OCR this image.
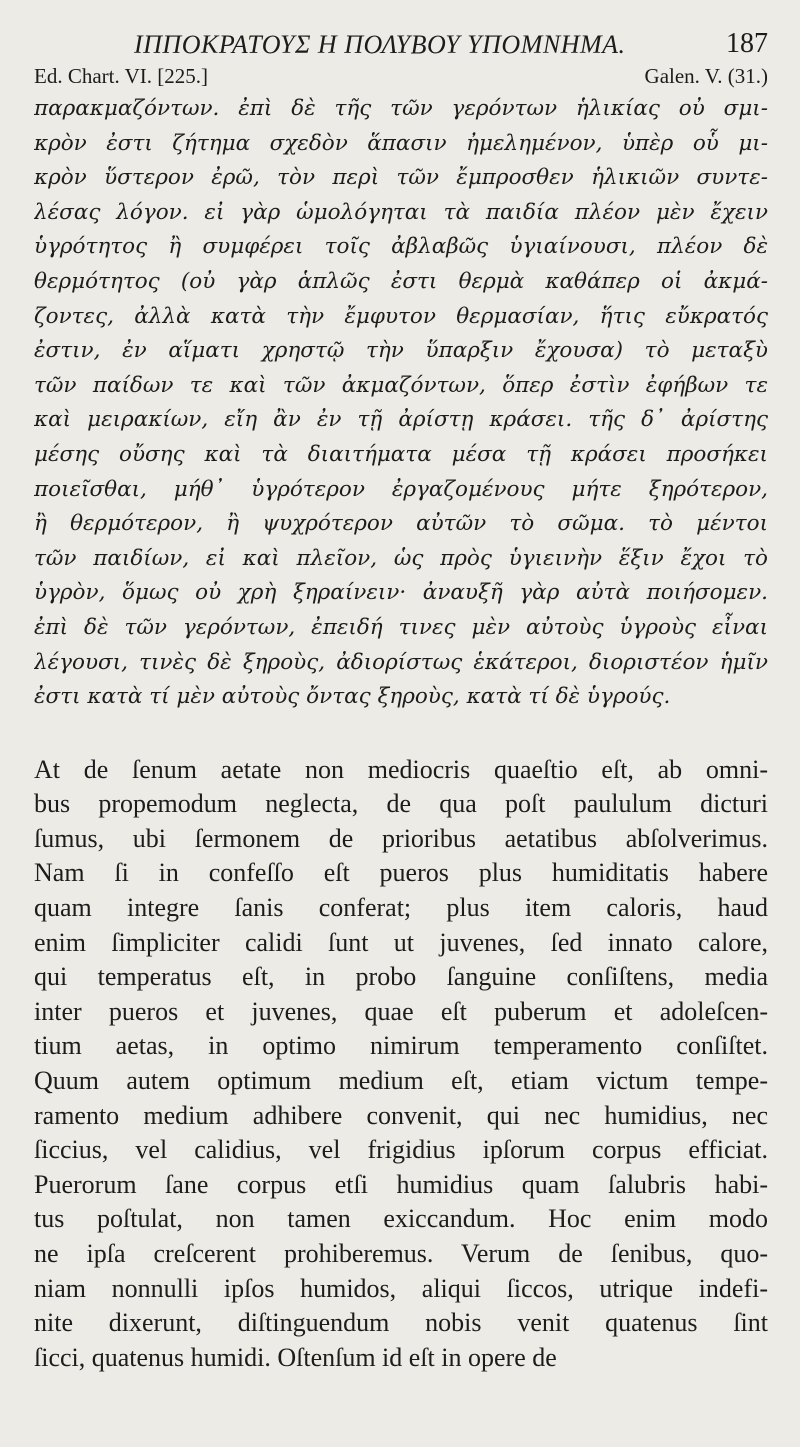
ΙΠΠΟΚΡΑΤΟΥΣ Η ΠΟΛΥΒΟΥ ΥΠΟΜΝΗΜΑ.	187
Ed. Chart. VI. [225.]	Galen. V. (31.)
παρακμαζόντων. ἐπὶ δὲ τῆς τῶν γερόντων ἡλικίας οὐ σμι-
κρὸν ἐστι ζήτημα σχεδὸν ἅπασιν ἠμελημένον, ὑπὲρ οὗ μι-
κρὸν ὕστερον ἐρῶ, τὸν περὶ τῶν ἔμπροσθεν ἡλικιῶν συντε-
λέσας λόγον. εἰ γὰρ ὡμολόγηται τὰ παιδία πλέον μὲν ἔχειν
ὑγρότητος ἢ συμφέρει τοῖς ἀβλαβῶς ὑγιαίνουσι, πλέον δὲ
θερμότητος (οὐ γὰρ ἁπλῶς ἐστι θερμὰ καθάπερ οἱ ἀκμά-
ζοντες, ἀλλὰ κατὰ τὴν ἔμφυτον θερμασίαν, ἥτις εὔκρατός
ἐστιν, ἐν αἵματι χρηστῷ τὴν ὕπαρξιν ἔχουσα) τὸ μεταξὺ
τῶν παίδων τε καὶ τῶν ἀκμαζόντων, ὅπερ ἐστὶν ἐφήβων τε
καὶ μειρακίων, εἴη ἂν ἐν τῇ ἀρίστῃ κράσει. τῆς δ᾽ ἀρίστης
μέσης οὔσης καὶ τὰ διαιτήματα μέσα τῇ κράσει προσήκει
ποιεῖσθαι, μήθ᾽ ὑγρότερον ἐργαζομένους μήτε ξηρότερον,
ἢ θερμότερον, ἢ ψυχρότερον αὐτῶν τὸ σῶμα. τὸ μέντοι
τῶν παιδίων, εἰ καὶ πλεῖον, ὡς πρὸς ὑγιεινὴν ἕξιν ἔχοι τὸ
ὑγρὸν, ὅμως οὐ χρὴ ξηραίνειν· ἀναυξῆ γὰρ αὐτὰ ποιήσομεν.
ἐπὶ δὲ τῶν γερόντων, ἐπειδή τινες μὲν αὐτοὺς ὑγροὺς εἶναι
λέγουσι, τινὲς δὲ ξηροὺς, ἀδιορίστως ἑκάτεροι, διοριστέον ἡμῖν
ἐστι κατὰ τί μὲν αὐτοὺς ὄντας ξηροὺς, κατὰ τί δὲ ὑγρούς.
At de ſenum aetate non mediocris quaeſtio eſt, ab omni-
bus propemodum neglecta, de qua poſt paululum dicturi
ſumus, ubi ſermonem de prioribus aetatibus abſolverimus.
Nam ſi in confeſſo eſt pueros plus humiditatis habere
quam integre ſanis conferat; plus item caloris, haud
enim ſimpliciter calidi ſunt ut juvenes, ſed innato calore,
qui temperatus eſt, in probo ſanguine conſiſtens, media
inter pueros et juvenes, quae eſt puberum et adoleſcen-
tium aetas, in optimo nimirum temperamento conſiſtet.
Quum autem optimum medium eſt, etiam victum tempe-
ramento medium adhibere convenit, qui nec humidius, nec
ſiccius, vel calidius, vel frigidius ipſorum corpus efficiat.
Puerorum ſane corpus etſi humidius quam ſalubris habi-
tus poſtulat, non tamen exiccandum. Hoc enim modo
ne ipſa creſcerent prohiberemus. Verum de ſenibus, quo-
niam nonnulli ipſos humidos, aliqui ſiccos, utrique indefi-
nite dixerunt, diſtinguendum nobis venit quatenus ſint
ſicci, quatenus humidi. Oſtenſum id eſt in opere de
